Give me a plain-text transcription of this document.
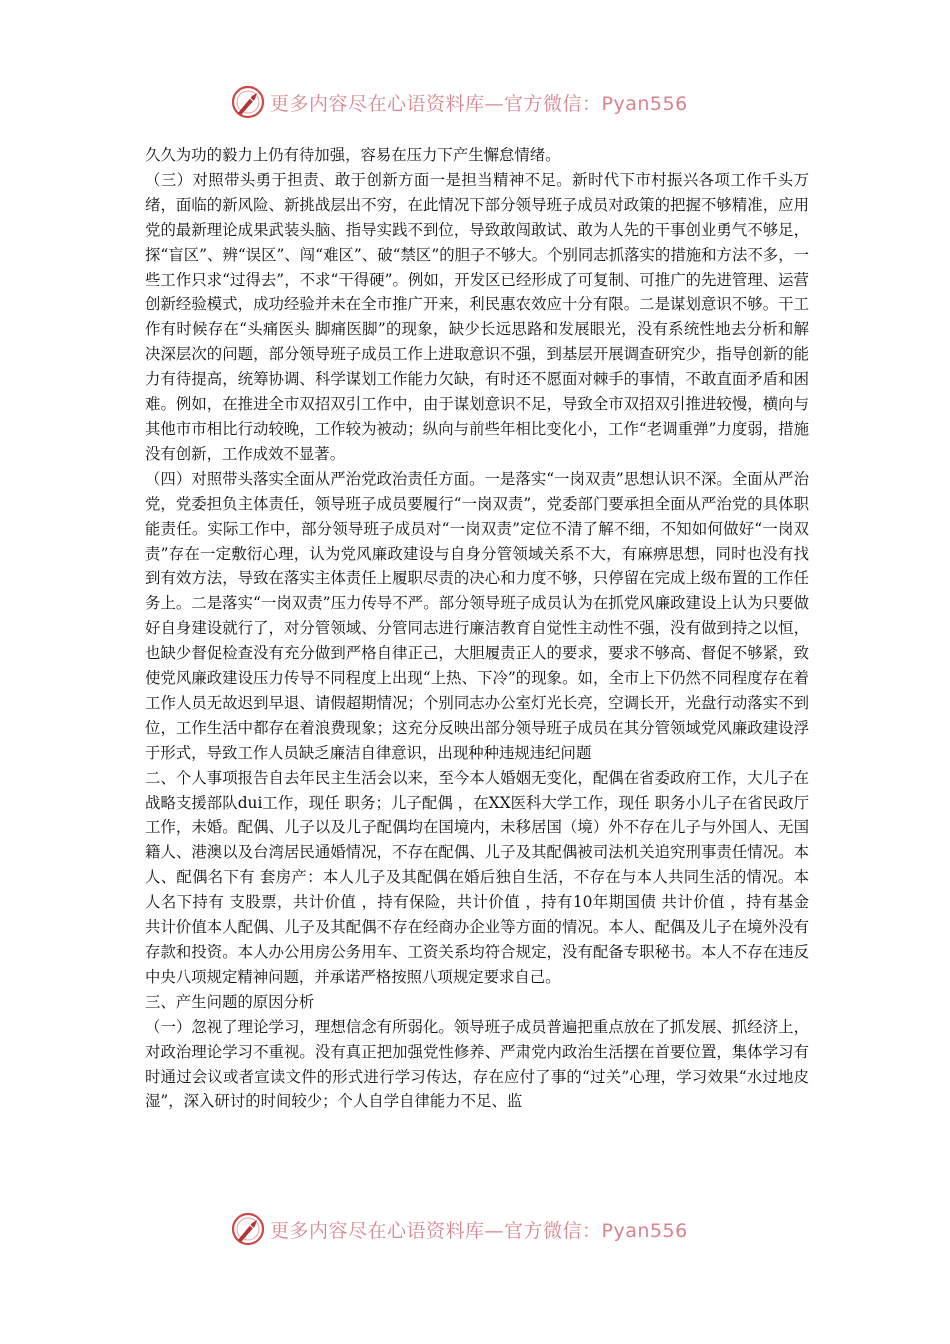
更多内容尽在心语资料库—官方微信：Pyan556

久久为功的毅力上仍有待加强，容易在压力下产生懈怠情绪。

（三）对照带头勇于担责、敢于创新方面一是担当精神不足。新时代下市村振兴各项工作千头万绪，面临的新风险、新挑战层出不穷，在此情况下部分领导班子成员对政策的把握不够精准，应用党的最新理论成果武装头脑、指导实践不到位，导致敢闯敢试、敢为人先的干事创业勇气不够足，探“盲区”、辨“误区”、闯“难区”、破“禁区”的胆子不够大。个别同志抓落实的措施和方法不多，一些工作只求“过得去”，不求“干得硬”。例如，开发区已经形成了可复制、可推广的先进管理、运营创新经验模式，成功经验并未在全市推广开来，利民惠农效应十分有限。二是谋划意识不够。干工作有时候存在“头痛医头 脚痛医脚”的现象，缺少长远思路和发展眼光，没有系统性地去分析和解决深层次的问题，部分领导班子成员工作上进取意识不强，到基层开展调查研究少，指导创新的能力有待提高，统筹协调、科学谋划工作能力欠缺，有时还不愿面对棘手的事情，不敢直面矛盾和困难。例如，在推进全市双招双引工作中，由于谋划意识不足，导致全市双招双引推进较慢，横向与其他市市相比行动较晚，工作较为被动；纵向与前些年相比变化小，工作“老调重弹”力度弱，措施没有创新，工作成效不显著。

（四）对照带头落实全面从严治党政治责任方面。一是落实“一岗双责”思想认识不深。全面从严治党，党委担负主体责任，领导班子成员要履行“一岗双责”，党委部门要承担全面从严治党的具体职能责任。实际工作中，部分领导班子成员对“一岗双责”定位不清了解不细，不知如何做好“一岗双责”存在一定敷衍心理，认为党风廉政建设与自身分管领域关系不大，有麻痹思想，同时也没有找到有效方法，导致在落实主体责任上履职尽责的决心和力度不够，只停留在完成上级布置的工作任务上。二是落实“一岗双责”压力传导不严。部分领导班子成员认为在抓党风廉政建设上认为只要做好自身建设就行了，对分管领域、分管同志进行廉洁教育自觉性主动性不强，没有做到持之以恒，也缺少督促检查没有充分做到严格自律正己，大胆履责正人的要求，要求不够高、督促不够紧，致使党风廉政建设压力传导不同程度上出现“上热、下冷”的现象。如，全市上下仍然不同程度存在着工作人员无故迟到早退、请假超期情况；个别同志办公室灯光长亮，空调长开，光盘行动落实不到位，工作生活中都存在着浪费现象；这充分反映出部分领导班子成员在其分管领域党风廉政建设浮于形式，导致工作人员缺乏廉洁自律意识，出现种种违规违纪问题

二、个人事项报告自去年民主生活会以来，至今本人婚姻无变化，配偶在省委政府工作，大儿子在战略支援部队dui工作，现任 职务；儿子配偶 ，在XX医科大学工作，现任 职务小儿子在省民政厅工作，未婚。配偶、儿子以及儿子配偶均在国境内，未移居国（境）外不存在儿子与外国人、无国籍人、港澳以及台湾居民通婚情况，不存在配偶、儿子及其配偶被司法机关追究刑事责任情况。本人、配偶名下有 套房产：本人儿子及其配偶在婚后独自生活，不存在与本人共同生活的情况。本人名下持有 支股票，共计价值 ，持有保险，共计价值 ，持有10年期国债 共计价值 ，持有基金 共计价值本人配偶、儿子及其配偶不存在经商办企业等方面的情况。本人、配偶及儿子在境外没有存款和投资。本人办公用房公务用车、工资关系均符合规定，没有配备专职秘书。本人不存在违反中央八项规定精神问题，并承诺严格按照八项规定要求自己。

三、产生问题的原因分析

（一）忽视了理论学习，理想信念有所弱化。领导班子成员普遍把重点放在了抓发展、抓经济上，对政治理论学习不重视。没有真正把加强党性修养、严肃党内政治生活摆在首要位置，集体学习有时通过会议或者宣读文件的形式进行学习传达，存在应付了事的“过关”心理，学习效果“水过地皮湿”，深入研讨的时间较少；个人自学自律能力不足、监

更多内容尽在心语资料库—官方微信：Pyan556
